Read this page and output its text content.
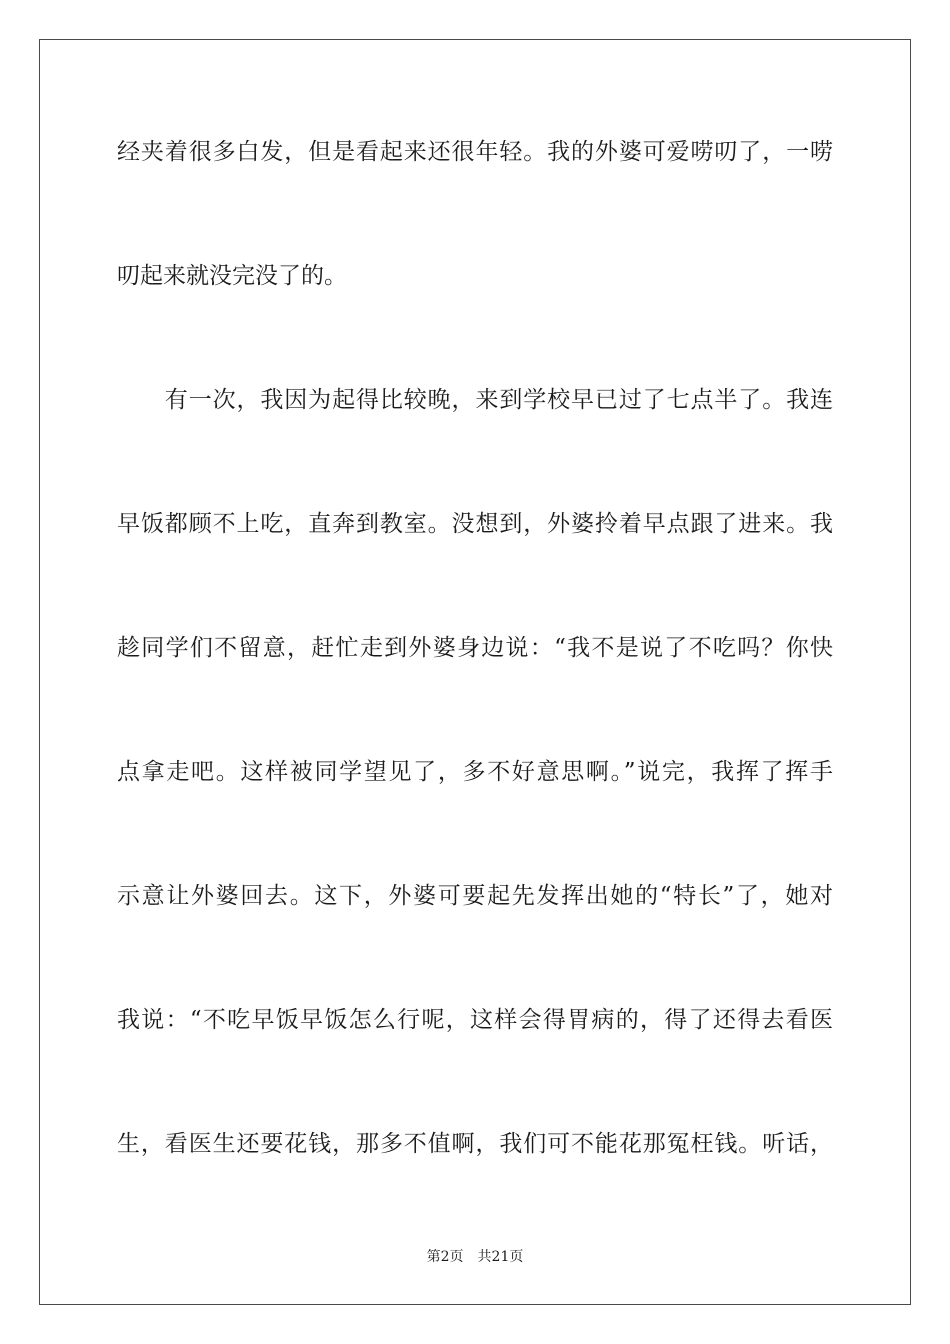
经夹着很多白发，但是看起来还很年轻。我的外婆可爱唠叨了，一唠
叨起来就没完没了的。
　　有一次，我因为起得比较晚，来到学校早已过了七点半了。我连
早饭都顾不上吃，直奔到教室。没想到，外婆拎着早点跟了进来。我
趁同学们不留意，赶忙走到外婆身边说：“我不是说了不吃吗？你快
点拿走吧。这样被同学望见了，多不好意思啊。”说完，我挥了挥手
示意让外婆回去。这下，外婆可要起先发挥出她的“特长”了，她对
我说：“不吃早饭早饭怎么行呢，这样会得胃病的，得了还得去看医
生，看医生还要花钱，那多不值啊，我们可不能花那冤枉钱。听话，
第2页 共21页
